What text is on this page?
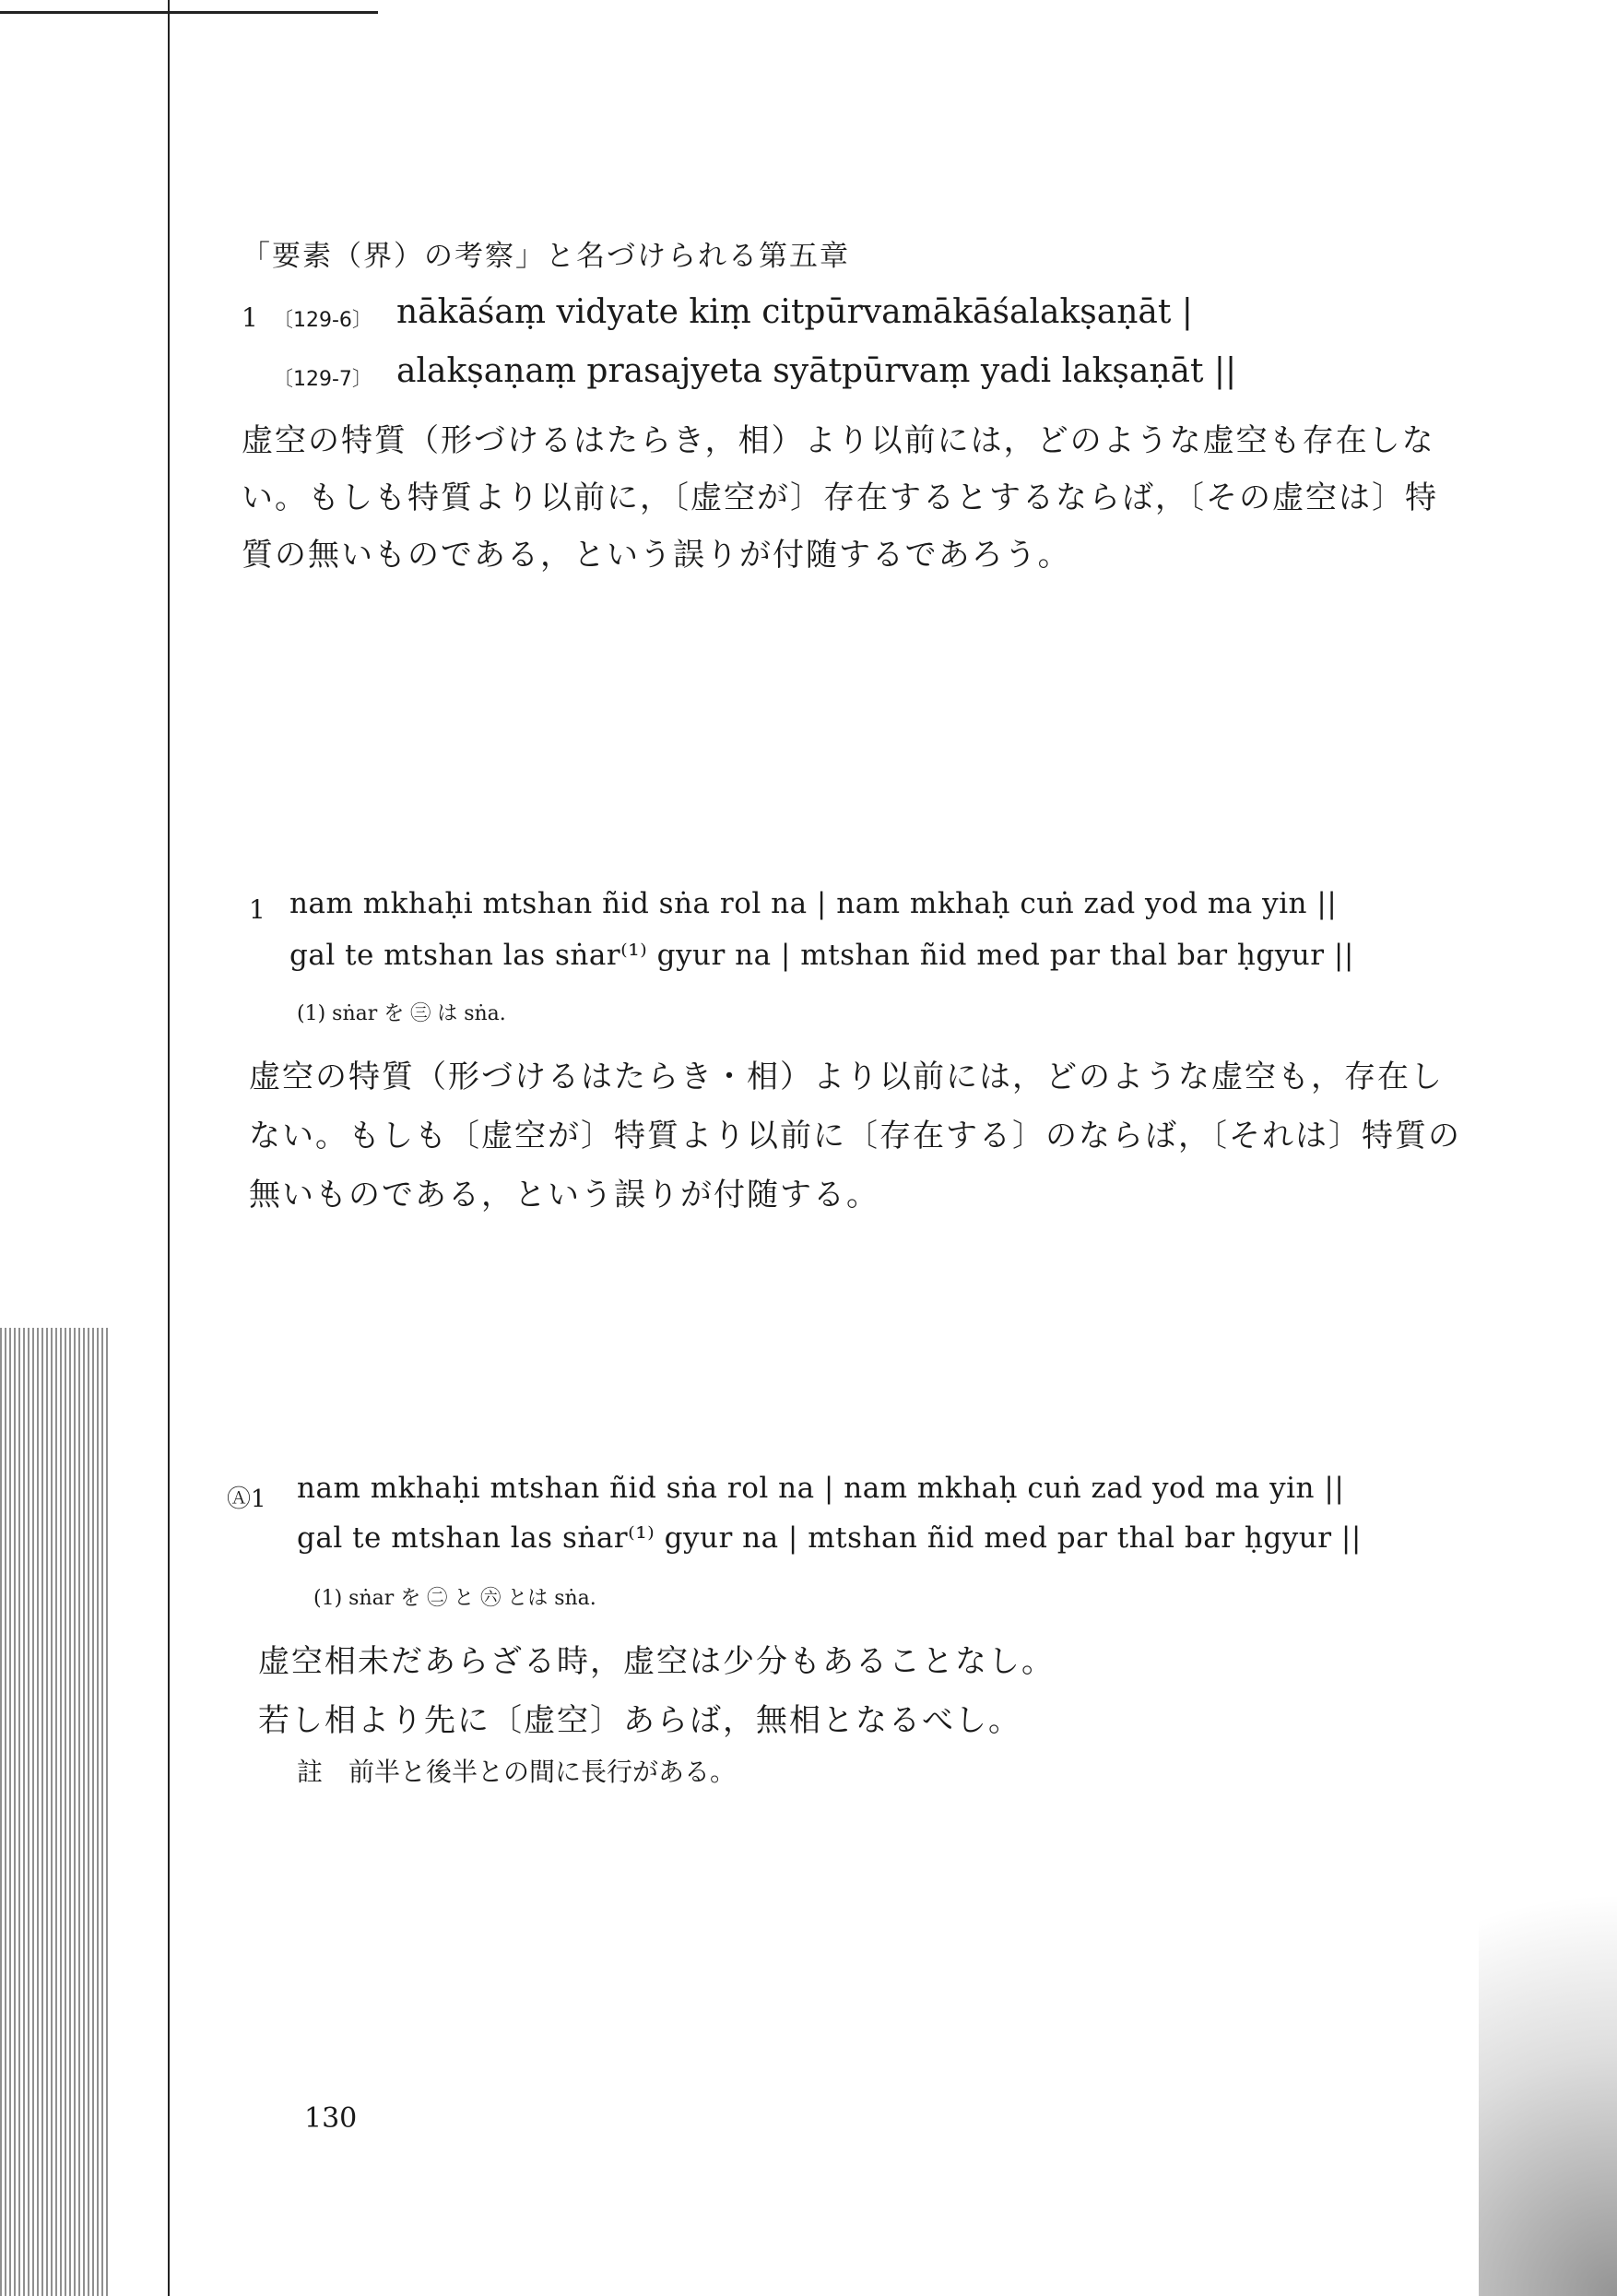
「要素（界）の考察」と名づけられる第五章
1 〔129-6〕 nākāśaṃ vidyate kiṃ citpūrvamākāśalakṣaṇāt |
〔129-7〕 alakṣaṇaṃ prasajyeta syātpūrvaṃ yadi lakṣaṇāt ||
虚空の特質（形づけるはたらき，相）より以前には，どのような虚空も存在しな
い。もしも特質より以前に，〔虚空が〕存在するとするならば，〔その虚空は〕特
質の無いものである，という誤りが付随するであろう。
1 nam mkhaḥi mtshan ñid sṅa rol na | nam mkhaḥ cuṅ zad yod ma yin ||
gal te mtshan las sṅar⁽¹⁾ gyur na | mtshan ñid med par thal bar ḥgyur ||
(1) sṅar を ㊂ は sṅa.
虚空の特質（形づけるはたらき・相）より以前には，どのような虚空も，存在し
ない。もしも〔虚空が〕特質より以前に〔存在する〕のならば，〔それは〕特質の
無いものである，という誤りが付随する。
Ⓐ1 nam mkhaḥi mtshan ñid sṅa rol na | nam mkhaḥ cuṅ zad yod ma yin ||
gal te mtshan las sṅar⁽¹⁾ gyur na | mtshan ñid med par thal bar ḥgyur ||
(1) sṅar を ㊁ と ㊅ とは sṅa.
虚空相未だあらざる時，虚空は少分もあることなし。
若し相より先に〔虚空〕あらば，無相となるべし。
註　前半と後半との間に長行がある。
130
